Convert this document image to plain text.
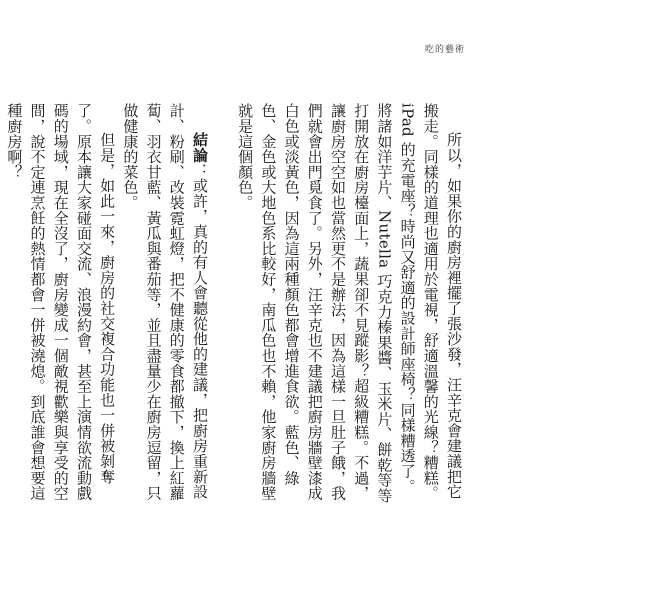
吃的藝術

所以，如果你的廚房裡擺了張沙發，汪辛克會建議把它搬走。同樣的道理也適用於電視，舒適溫馨的光線？糟糕。iPad 的充電座？時尚又舒適的設計師座椅？同樣糟透了。將諸如洋芋片、Nutella 巧克力榛果醬、玉米片、餅乾等等打開放在廚房檯面上，蔬果卻不見蹤影？超級糟糕。不過，讓廚房空空如也當然更不是辦法，因為這樣一旦肚子餓，我們就會出門覓食了。另外，汪辛克也不建議把廚房牆壁漆成白色或淡黃色，因為這兩種顏色都會增進食欲。藍色、綠色、金色或大地色系比較好，南瓜色也不賴，他家廚房牆壁就是這個顏色。

結論：或許，真的有人會聽從他的建議，把廚房重新設計、粉刷、改裝霓虹燈，把不健康的零食都撤下，換上紅蘿蔔、羽衣甘藍、黃瓜與番茄等，並且盡量少在廚房逗留，只做健康的菜色。

但是，如此一來，廚房的社交複合功能也一併被剝奪了。原本讓大家碰面交流、浪漫約會，甚至上演情欲流動戲碼的場域，現在全沒了，廚房變成一個敵視歡樂與享受的空間，說不定連烹飪的熱情都會一併被澆熄。到底誰會想要這種廚房啊？
